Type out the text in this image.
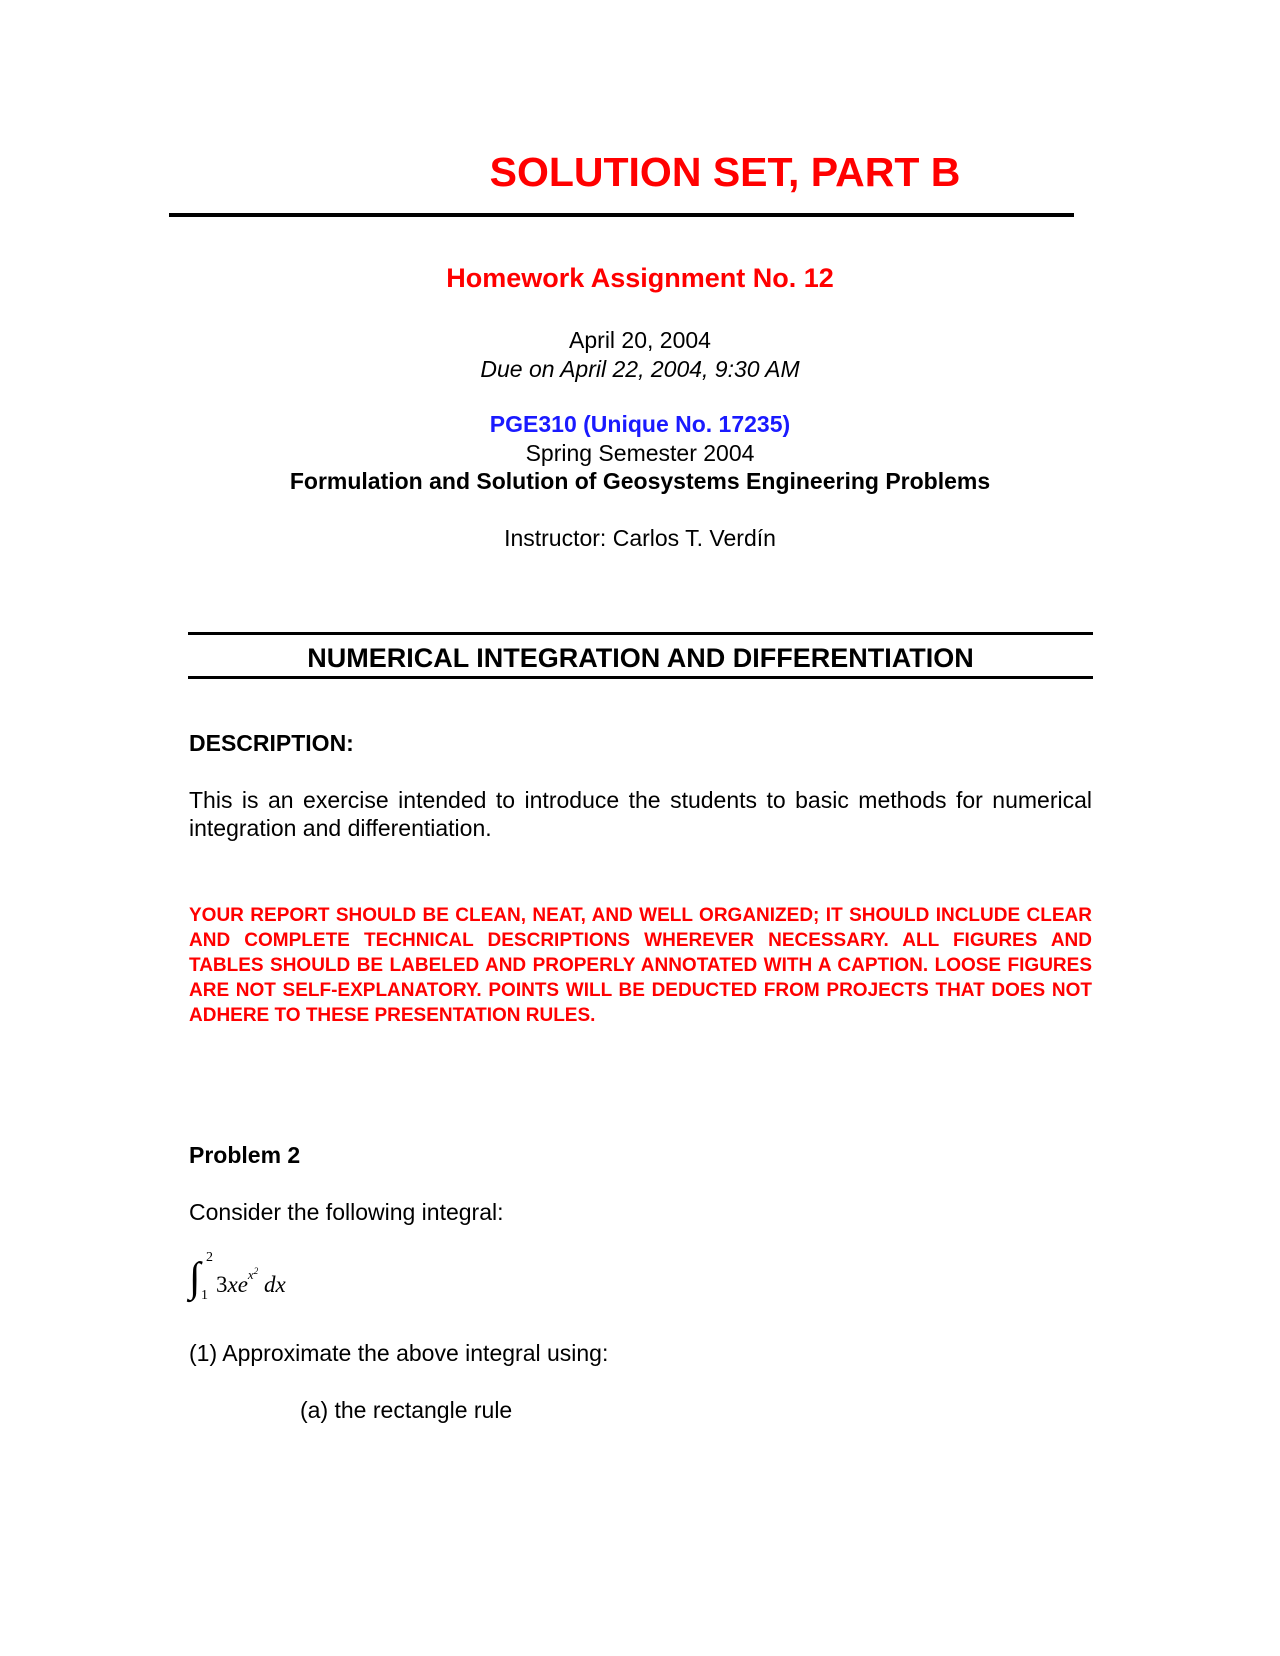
SOLUTION SET, PART B
Homework Assignment No. 12
April 20, 2004
Due on April 22, 2004, 9:30 AM
PGE310 (Unique No. 17235)
Spring Semester 2004
Formulation and Solution of Geosystems Engineering Problems
Instructor: Carlos T. Verdín
NUMERICAL INTEGRATION AND DIFFERENTIATION
DESCRIPTION:
This is an exercise intended to introduce the students to basic methods for numerical integration and differentiation.
YOUR REPORT SHOULD BE CLEAN, NEAT, AND WELL ORGANIZED; IT SHOULD INCLUDE CLEAR AND COMPLETE TECHNICAL DESCRIPTIONS WHEREVER NECESSARY. ALL FIGURES AND TABLES SHOULD BE LABELED AND PROPERLY ANNOTATED WITH A CAPTION. LOOSE FIGURES ARE NOT SELF-EXPLANATORY. POINTS WILL BE DEDUCTED FROM PROJECTS THAT DOES NOT ADHERE TO THESE PRESENTATION RULES.
Problem 2
Consider the following integral:
∫ 2
1 $3xe^{x^2}$ dx
(1) Approximate the above integral using:
(a) the rectangle rule
